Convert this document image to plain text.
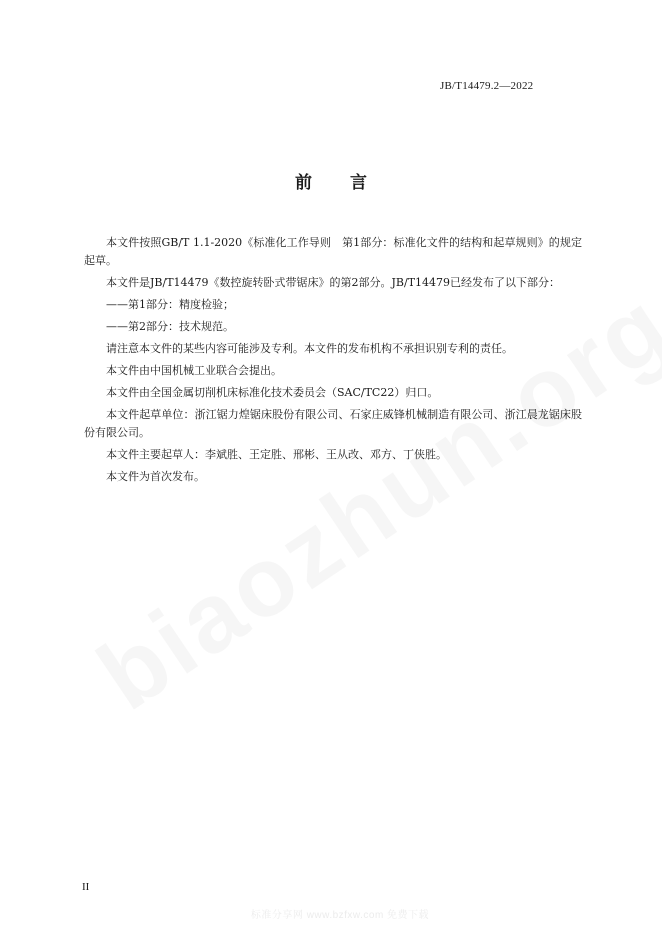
JB/T14479.2—2022
前言

本文件按照GB/T 1.1-2020《标准化工作导则　第1部分：标准化文件的结构和起草规则》的规定起草。

本文件是JB/T14479《数控旋转卧式带锯床》的第2部分。JB/T14479已经发布了以下部分：

——第1部分：精度检验；

——第2部分：技术规范。

请注意本文件的某些内容可能涉及专利。本文件的发布机构不承担识别专利的责任。

本文件由中国机械工业联合会提出。

本文件由全国金属切削机床标准化技术委员会（SAC/TC22）归口。

本文件起草单位：浙江锯力煌锯床股份有限公司、石家庄威锋机械制造有限公司、浙江晨龙锯床股份有限公司。

本文件主要起草人：李斌胜、王定胜、邢彬、王从改、邓方、丁侠胜。

本文件为首次发布。

II
标准分享网 www.bzfxw.com 免费下载
